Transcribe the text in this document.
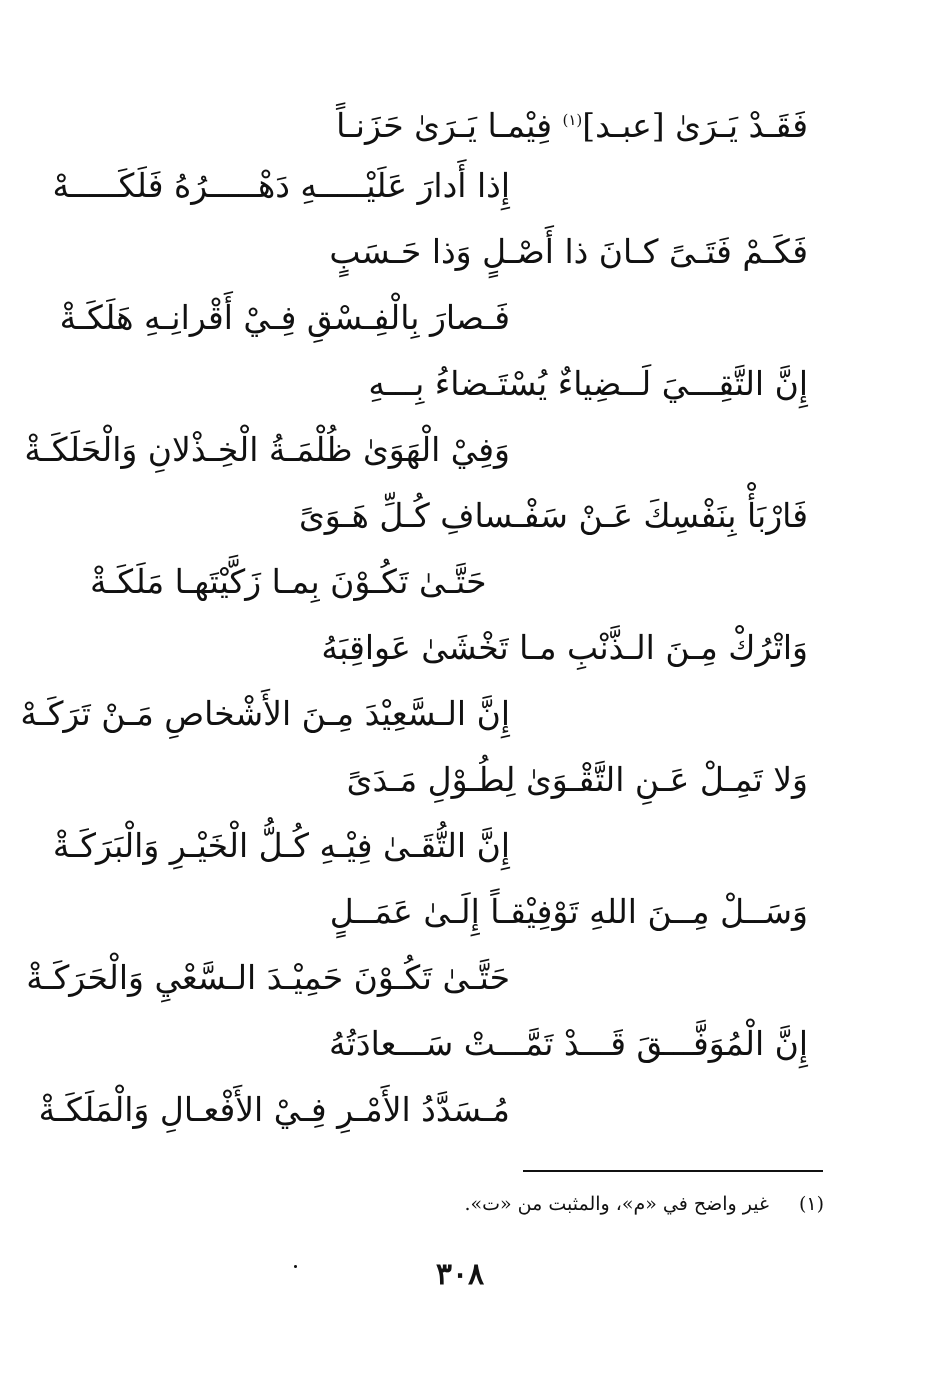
فَقَـدْ يَـرَىٰ [عبـد]$^{(١)}$ فِيْمـا يَـرَىٰ حَزَنـاً
إِذا أَدارَ عَلَيْـــــهِ دَهْـــــرُهُ فَلَكَـــــهْ
فَكَـمْ فَتَـىً كـانَ ذا أَصْـلٍ وَذا حَـسَبٍ
فَـصارَ بِالْفِـسْقِ فِـيْ أَقْرانِـهِ هَلَكَـةْ
إِنَّ التَّقِـــيَ لَــضِياءٌ يُسْتَـضاءُ بِـــهِ
وَفِيْ الْهَوَىٰ ظُلْمَـةُ الْخِـذْلانِ وَالْحَلَكَـةْ
فَارْبَأْ بِنَفْسِكَ عَـنْ سَفْـسافِ كُـلِّ هَـوَىً
حَتَّـىٰ تَكُـوْنَ بِمـا زَكَّيْتَهـا مَلَكَـةْ
وَاتْرُكْ مِـنَ الـذَّنْبِ مـا تَخْشَىٰ عَواقِبَهُ
إِنَّ الـسَّعِيْدَ مِـنَ الأَشْخاصِ مَـنْ تَرَكَـهْ
وَلا تَمِـلْ عَـنِ التَّقْـوَىٰ لِطُـوْلِ مَـدَىً
إِنَّ التُّقَـىٰ فِيْـهِ كُـلُّ الْخَيْـرِ وَالْبَرَكَـةْ
وَسَــلْ مِــنَ اللهِ تَوْفِيْقـاً إِلَـىٰ عَمَــلٍ
حَتَّـىٰ تَكُـوْنَ حَمِيْـدَ الـسَّعْيِ وَالْحَرَكَـةْ
إِنَّ الْمُوَفَّـــقَ قَـــدْ تَمَّـــتْ سَـــعادَتُهُ
مُـسَدَّدُ الأَمْـرِ فِـيْ الأَفْعـالِ وَالْمَلَكَـةْ
(١)غير واضح في «م»، والمثبت من «ت».
٣٠٨
